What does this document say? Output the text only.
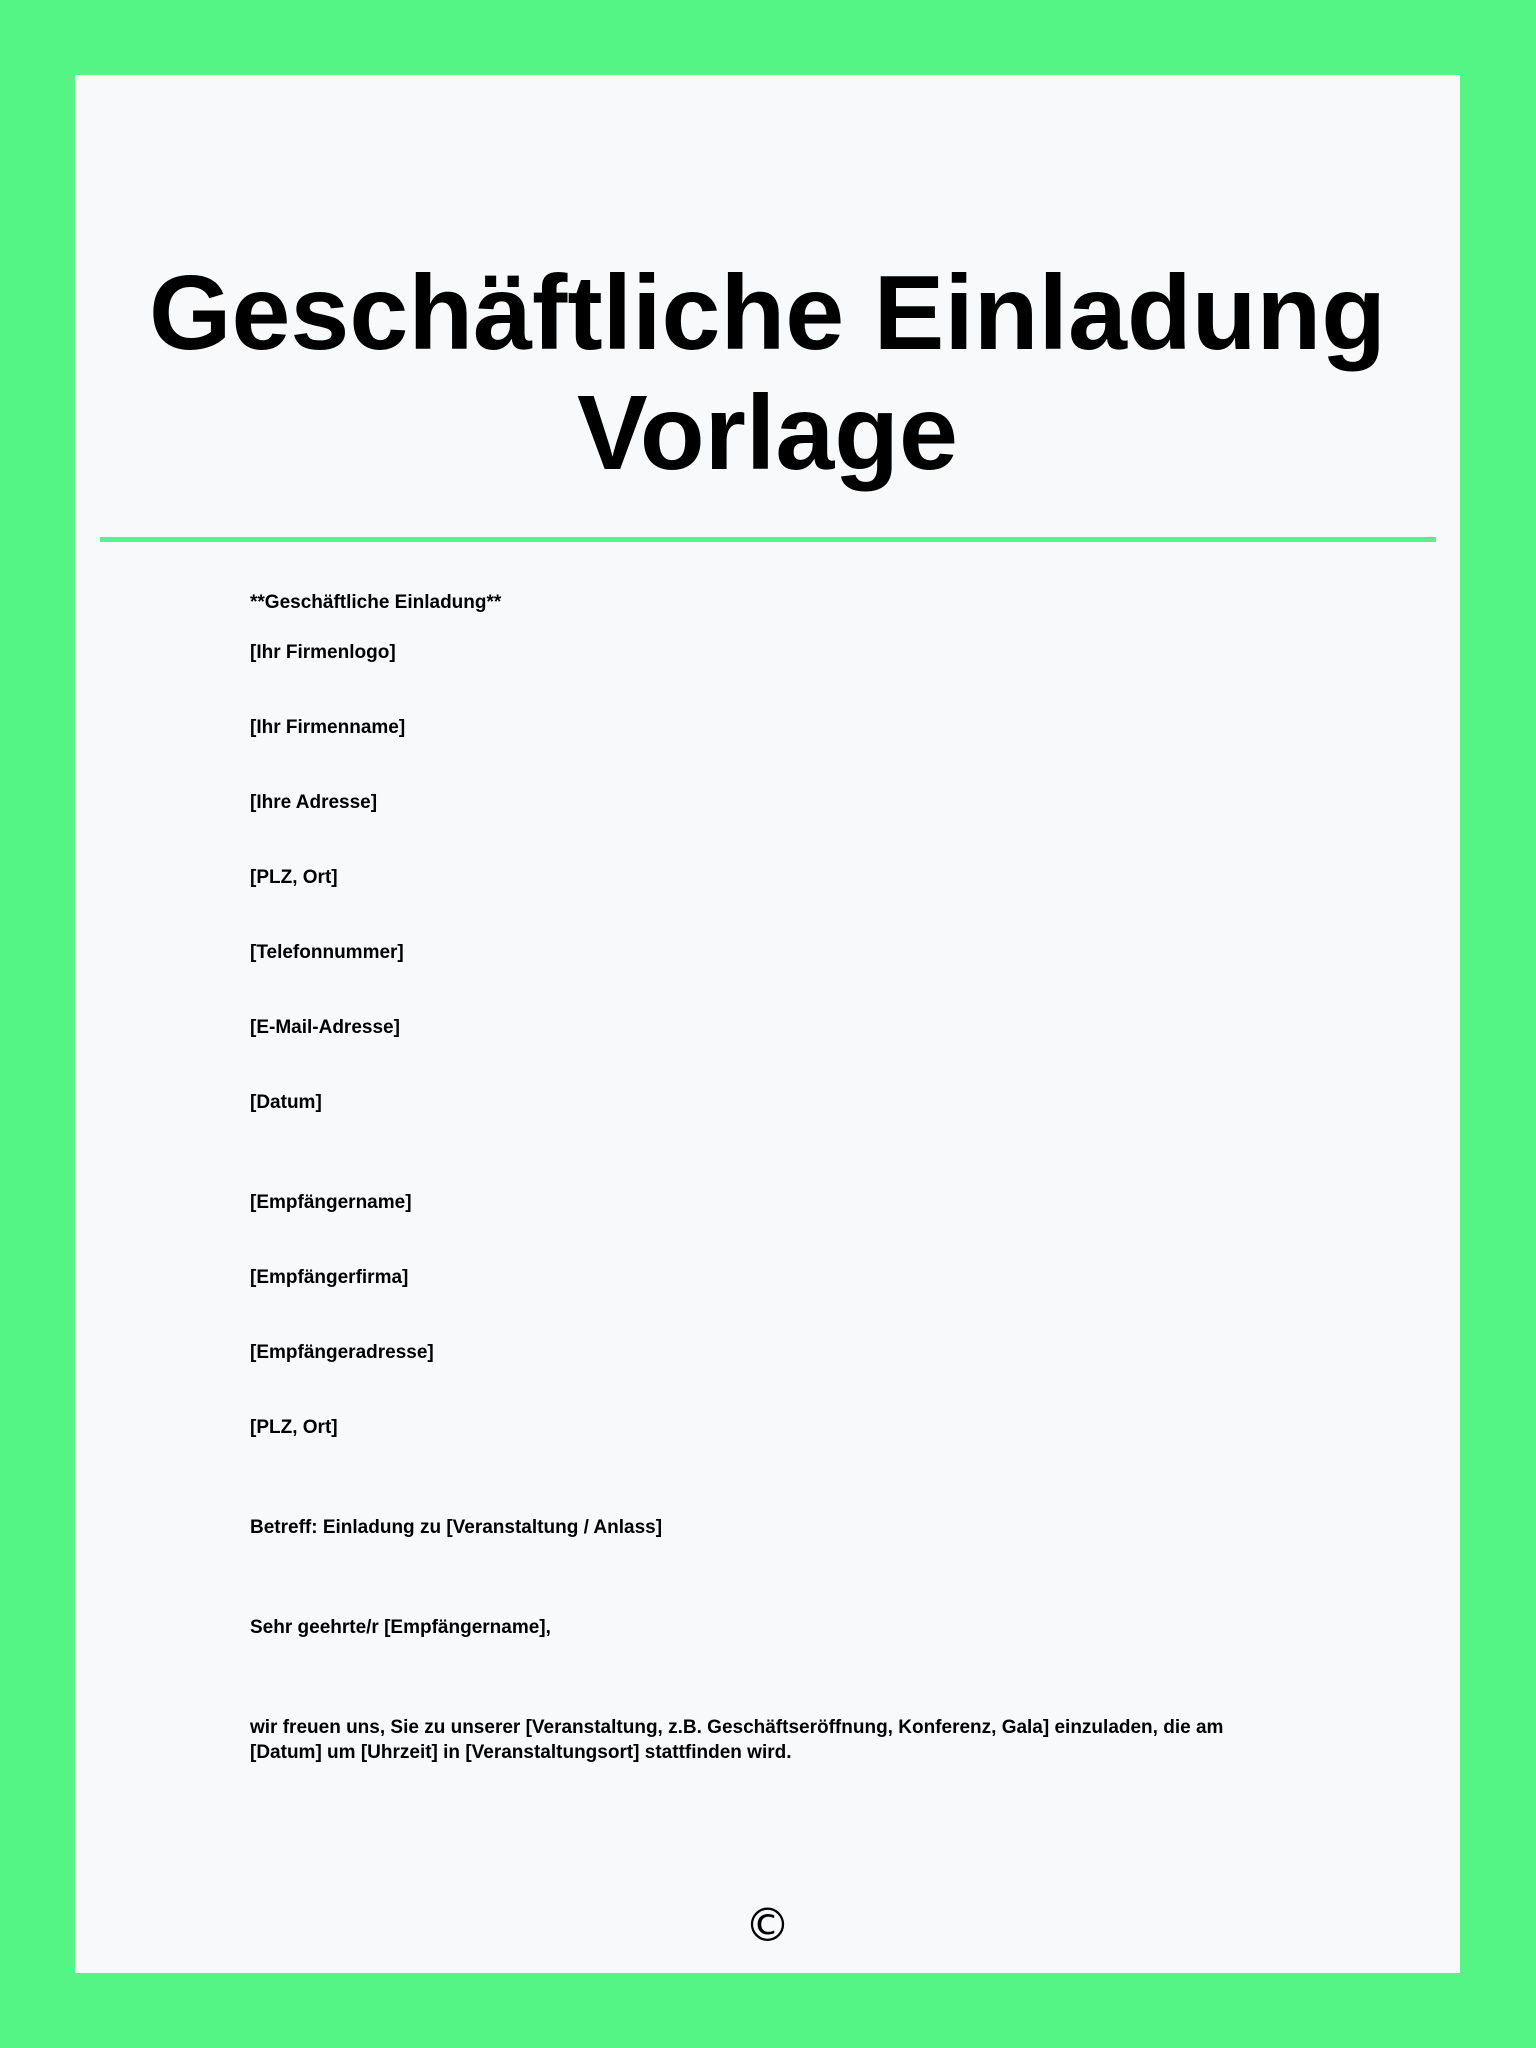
Geschäftliche Einladung
Vorlage

**Geschäftliche Einladung**

[Ihr Firmenlogo]

[Ihr Firmenname]

[Ihre Adresse]

[PLZ, Ort]

[Telefonnummer]

[E-Mail-Adresse]

[Datum]

[Empfängername]

[Empfängerfirma]

[Empfängeradresse]

[PLZ, Ort]

Betreff: Einladung zu [Veranstaltung / Anlass]

Sehr geehrte/r [Empfängername],

wir freuen uns, Sie zu unserer [Veranstaltung, z.B. Geschäftseröffnung, Konferenz, Gala] einzuladen, die am [Datum] um [Uhrzeit] in [Veranstaltungsort] stattfinden wird.

©
